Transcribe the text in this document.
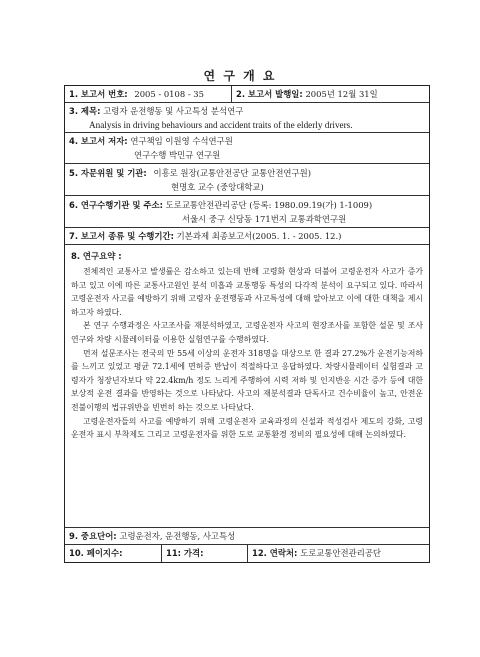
연 구 개 요
1. 보고서 번호: 2005 - 0108 - 35	2. 보고서 발행일: 2005년 12월 31일
3. 제목: 고령자 운전행동 및 사고특성 분석연구
Analysis in driving behaviours and accident traits of the elderly drivers.
4. 보고서 저자: 연구책임 이원영 수석연구원
연구수행 박민규 연구원
5. 자문위원 및 기관: 이흥로 원장(교통안전공단 교통안전연구원)
현명호 교수 (중앙대학교)
6. 연구수행기관 및 주소: 도로교통안전관리공단 (등록: 1980.09.19(가) 1-1009)
서울시 중구 신당동 171번지 교통과학연구원
7. 보고서 종류 및 수행기간: 기본과제 최종보고서(2005. 1. - 2005. 12.)
8. 연구요약 :

전체적인 교통사고 발생률은 감소하고 있는데 반해 고령화 현상과 더불어 고령운전자 사고가 증가하고 있고 이에 따른 교통사고원인 분석 미흡과 교통행동 특성의 다각적 분석이 요구되고 있다. 따라서 고령운전자 사고를 예방하기 위해 고령자 운전행동과 사고특성에 대해 알아보고 이에 대한 대책을 제시하고자 하였다.

본 연구 수행과정은 사고조사를 재분석하였고, 고령운전자 사고의 현장조사를 포함한 설문 및 조사연구와 차량 시뮬레이터를 이용한 실험연구를 수행하였다.

먼저 설문조사는 전국의 만 55세 이상의 운전자 318명을 대상으로 한 결과 27.2%가 운전기능저하를 느끼고 있었고 평균 72.1세에 면허증 반납이 적절하다고 응답하였다. 차량시뮬레이터 실험결과 고령자가 청장년자보다 약 22.4km/h 정도 느리게 주행하여 시력 저하 및 인지반응 시간 증가 등에 대한 보상적 운전 결과를 반영하는 것으로 나타났다. 사고의 재분석결과 단독사고 건수비율이 높고, 안전운전불이행의 법규위반을 빈번히 하는 것으로 나타났다.

고령운전자들의 사고를 예방하기 위해 고령운전자 교육과정의 신설과 적성검사 제도의 강화, 고령운전자 표시 부착제도 그리고 고령운전자를 위한 도로 교통환경 정비의 필요성에 대해 논의하였다.

9. 중요단어: 고령운전자, 운전행동, 사고특성
10. 페이지수:	11: 가격:	12. 연락처: 도로교통안전관리공단
